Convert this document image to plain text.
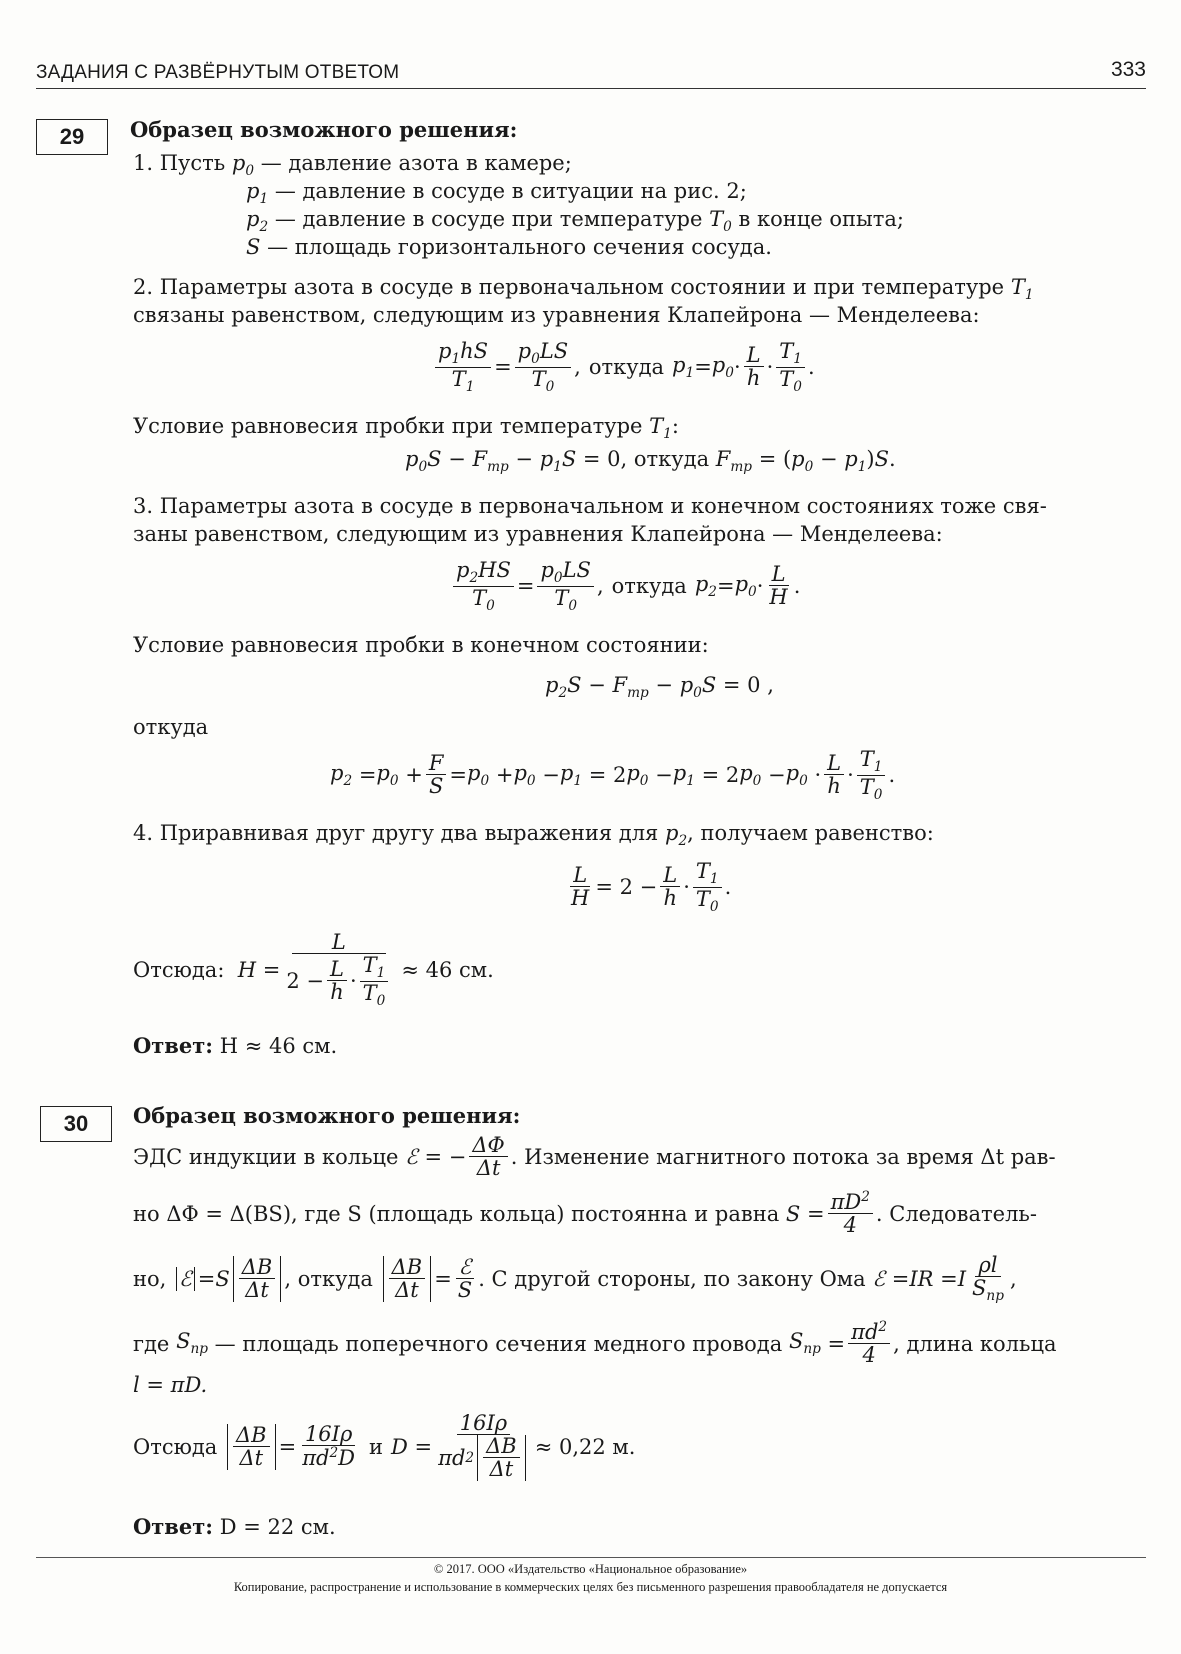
ЗАДАНИЯ С РАЗВЁРНУТЫМ ОТВЕТОМ	333
29	Образец возможного решения:
1. Пусть $p_0$ — давление азота в камере;
$p_1$ — давление в сосуде в ситуации на рис. 2;
$p_2$ — давление в сосуде при температуре $T_0$ в конце опыта;
S — площадь горизонтального сечения сосуда.
2. Параметры азота в сосуде в первоначальном состоянии и при температуре $T_1$
связаны равенством, следующим из уравнения Клапейрона — Менделеева:
$\frac{p_1hS}{T_1} = \frac{p_0LS}{T_0}$ , откуда $p_1 = p_0 \cdot \frac{L}{h} \cdot \frac{T_1}{T_0}$ .
Условие равновесия пробки при температуре $T_1$:
$p_0S - F_{тр} - p_1S = 0$, откуда $F_{тр} = (p_0 - p_1)S$.
3. Параметры азота в сосуде в первоначальном и конечном состояниях тоже свя-
заны равенством, следующим из уравнения Клапейрона — Менделеева:
$\frac{p_2HS}{T_0} = \frac{p_0LS}{T_0}$ , откуда $p_2 = p_0 \cdot \frac{L}{H}$ .
Условие равновесия пробки в конечном состоянии:
$p_2S - F_{тр} - p_0S = 0$ ,
откуда
$p_2 = p_0 + \frac{F}{S} = p_0 + p_0 - p_1 = 2$ $p_0 - p_1 = 2$ $p_0 - p_0 \cdot \frac{L}{h} \cdot \frac{T_1}{T_0}$ .
4. Приравнивая друг другу два выражения для $p_2$, получаем равенство:
$\frac{L}{H} = 2 - \frac{L}{h} \cdot \frac{T_1}{T_0}$ .
Отсюда:
$H = \frac{L}{2 - \frac{L}{h} \cdot \frac{T_1}{T_0}} \approx 46$ см.
Ответ: H ≈ 46 см.
30	Образец возможного решения:
ЭДС индукции в кольце
ℰ = − $\frac{\Delta\Phi}{\Delta t}$ . Изменение магнитного потока за время Δt рав-
но ΔΦ = Δ(BS), где S (площадь кольца) постоянна и равна
$S = \frac{\pi D^2}{4}$ . Следователь-
но,
ℰ = S $\frac{\Delta B}{\Delta t}$ , откуда
$\frac{\Delta B}{\Delta t} = \frac{\text{ℰ}}{S}$ . С другой стороны, по закону Ома
ℰ = IR = I $\frac{\rho l}{S_{пр}}$ ,
где
$S_{пр}$
— площадь поперечного сечения медного провода
$S_{пр} = \frac{\pi d^2}{4}$ , длина кольца
l = πD.
Отсюда
$\frac{\Delta B}{\Delta t} = \frac{16I\rho}{\pi d^2D}$ и $D = \frac{16I\rho}{\pi d 2 \frac{\Delta B}{\Delta t}} \approx 0,22$ м.
Ответ: D = 22 см.
© 2017. ООО «Издательство «Национальное образование»
Копирование, распространение и использование в коммерческих целях без письменного разрешения правообладателя не допускается
